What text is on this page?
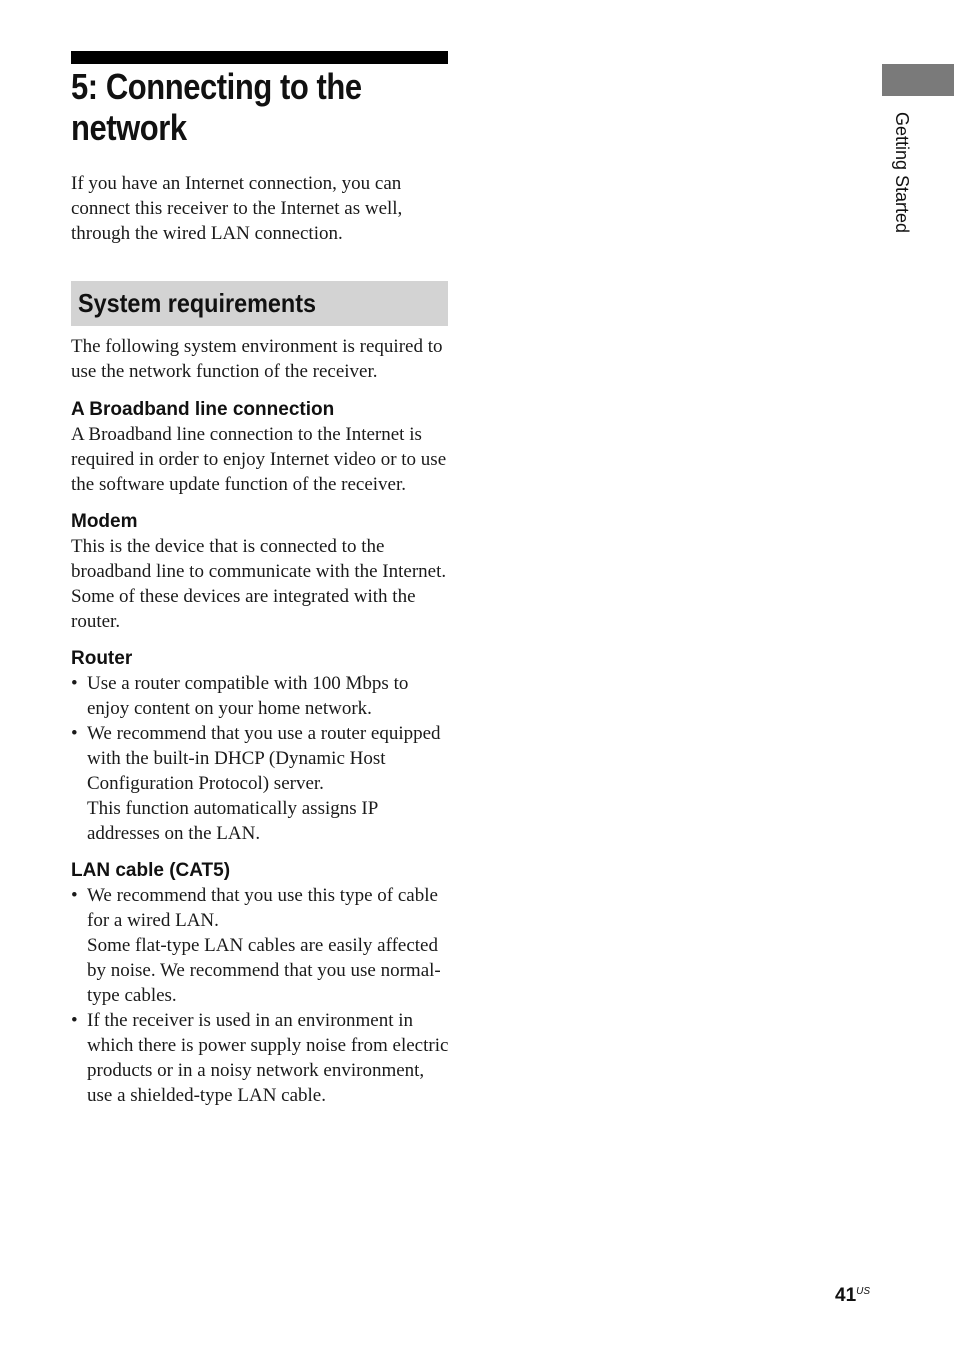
5: Connecting to the network

If you have an Internet connection, you can connect this receiver to the Internet as well, through the wired LAN connection.

System requirements

The following system environment is required to use the network function of the receiver.

A Broadband line connection

A Broadband line connection to the Internet is required in order to enjoy Internet video or to use the software update function of the receiver.

Modem

This is the device that is connected to the broadband line to communicate with the Internet. Some of these devices are integrated with the router.

Router
• Use a router compatible with 100 Mbps to enjoy content on your home network.
• We recommend that you use a router equipped with the built-in DHCP (Dynamic Host Configuration Protocol) server.

This function automatically assigns IP addresses on the LAN.

LAN cable (CAT5)
• We recommend that you use this type of cable for a wired LAN.

Some flat-type LAN cables are easily affected by noise. We recommend that you use normal-type cables.

• If the receiver is used in an environment in which there is power supply noise from electric products or in a noisy network environment, use a shielded-type LAN cable.
Getting Started
$41^{US}$
